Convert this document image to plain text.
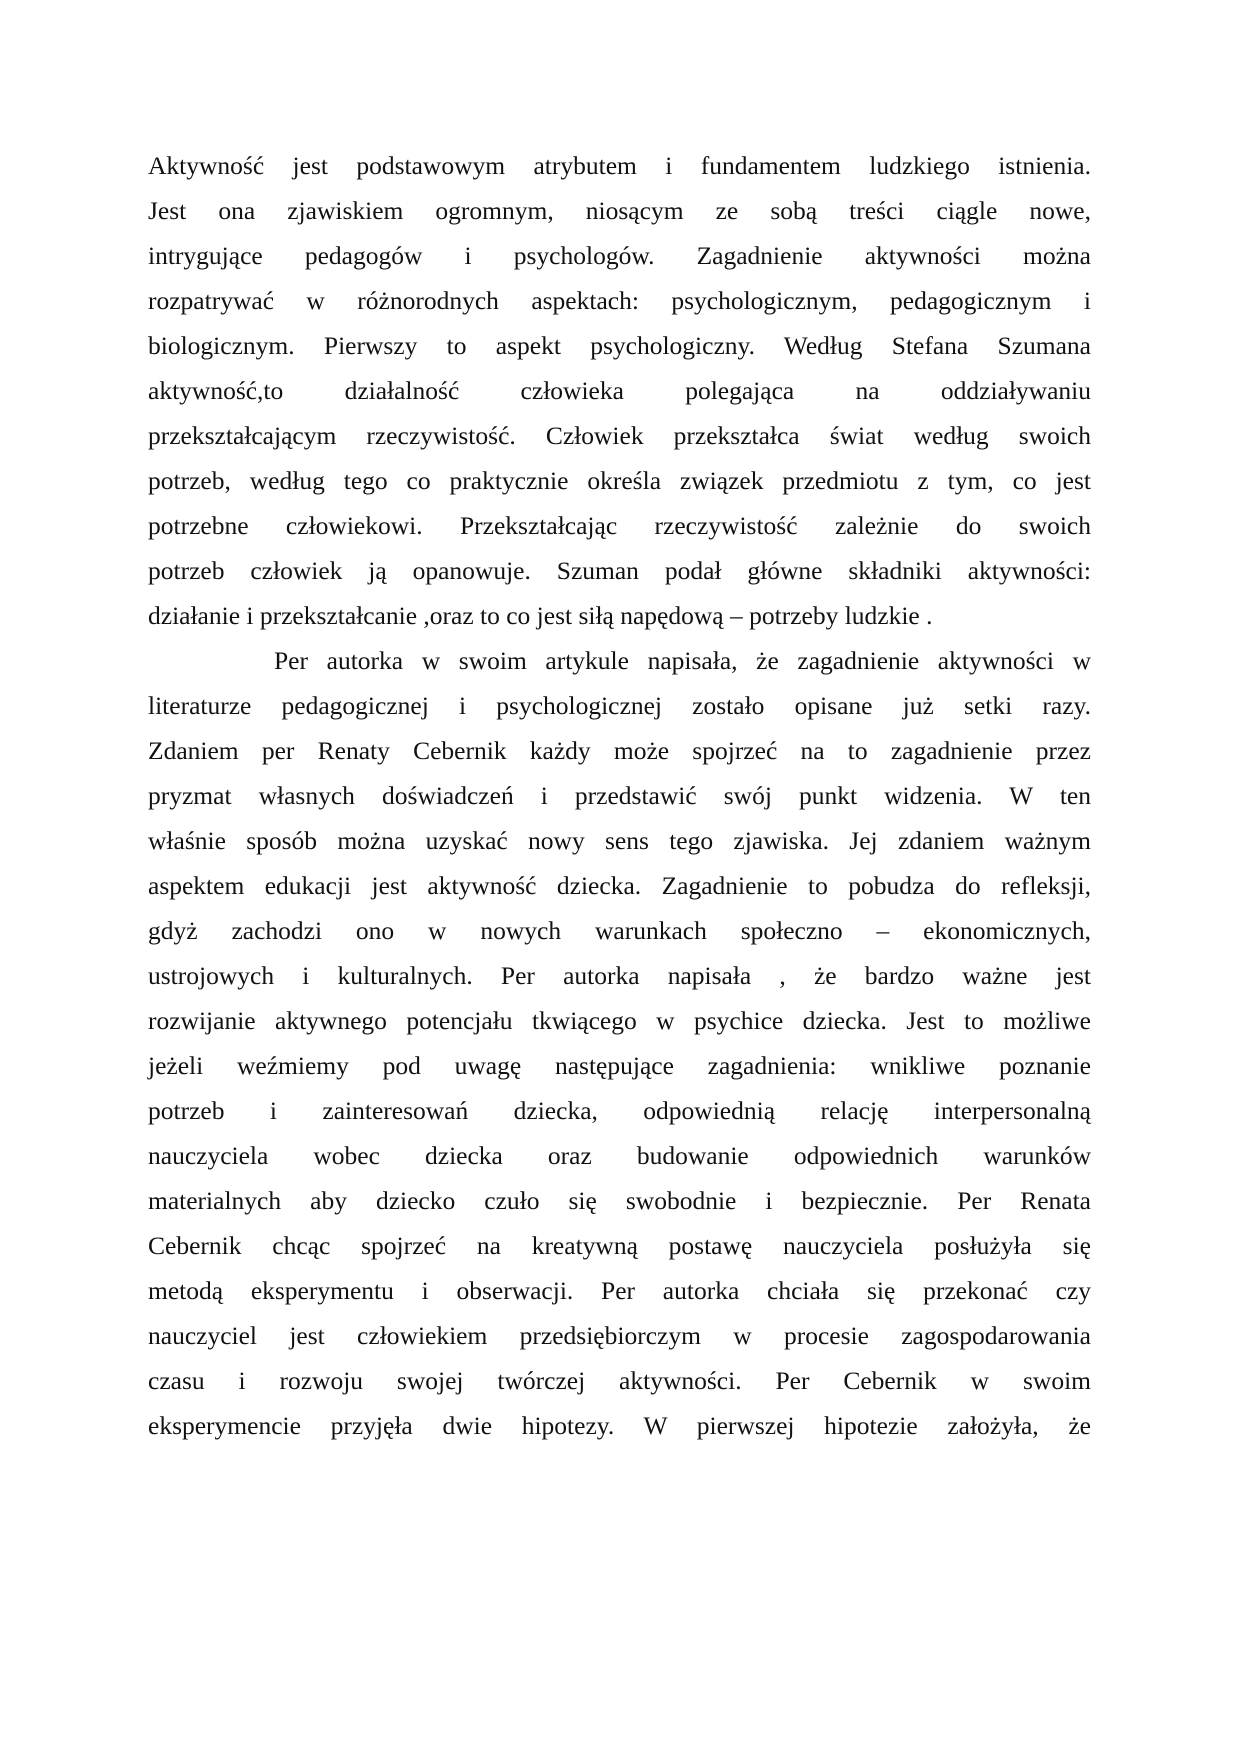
Aktywność jest podstawowym atrybutem i fundamentem ludzkiego istnienia.
Jest ona zjawiskiem ogromnym, niosącym ze sobą treści ciągle nowe,
intrygujące pedagogów i psychologów. Zagadnienie aktywności można
rozpatrywać w różnorodnych aspektach: psychologicznym, pedagogicznym i
biologicznym. Pierwszy to aspekt psychologiczny. Według Stefana Szumana
aktywność,to działalność człowieka polegająca na oddziaływaniu
przekształcającym rzeczywistość. Człowiek przekształca świat według swoich
potrzeb, według tego co praktycznie określa związek przedmiotu z tym, co jest
potrzebne człowiekowi. Przekształcając rzeczywistość zależnie do swoich
potrzeb człowiek ją opanowuje. Szuman podał główne składniki aktywności:
działanie i przekształcanie ,oraz to co jest siłą napędową – potrzeby ludzkie .
Per autorka w swoim artykule napisała, że zagadnienie aktywności w
literaturze pedagogicznej i psychologicznej zostało opisane już setki razy.
Zdaniem per Renaty Cebernik każdy może spojrzeć na to zagadnienie przez
pryzmat własnych doświadczeń i przedstawić swój punkt widzenia. W ten
właśnie sposób można uzyskać nowy sens tego zjawiska. Jej zdaniem ważnym
aspektem edukacji jest aktywność dziecka. Zagadnienie to pobudza do refleksji,
gdyż zachodzi ono w nowych warunkach społeczno – ekonomicznych,
ustrojowych i kulturalnych. Per autorka napisała , że bardzo ważne jest
rozwijanie aktywnego potencjału tkwiącego w psychice dziecka. Jest to możliwe
jeżeli weźmiemy pod uwagę następujące zagadnienia: wnikliwe poznanie
potrzeb i zainteresowań dziecka, odpowiednią relację interpersonalną
nauczyciela wobec dziecka oraz budowanie odpowiednich warunków
materialnych aby dziecko czuło się swobodnie i bezpiecznie. Per Renata
Cebernik chcąc spojrzeć na kreatywną postawę nauczyciela posłużyła się
metodą eksperymentu i obserwacji. Per autorka chciała się przekonać czy
nauczyciel jest człowiekiem przedsiębiorczym w procesie zagospodarowania
czasu i rozwoju swojej twórczej aktywności. Per Cebernik w swoim
eksperymencie przyjęła dwie hipotezy. W pierwszej hipotezie założyła, że
